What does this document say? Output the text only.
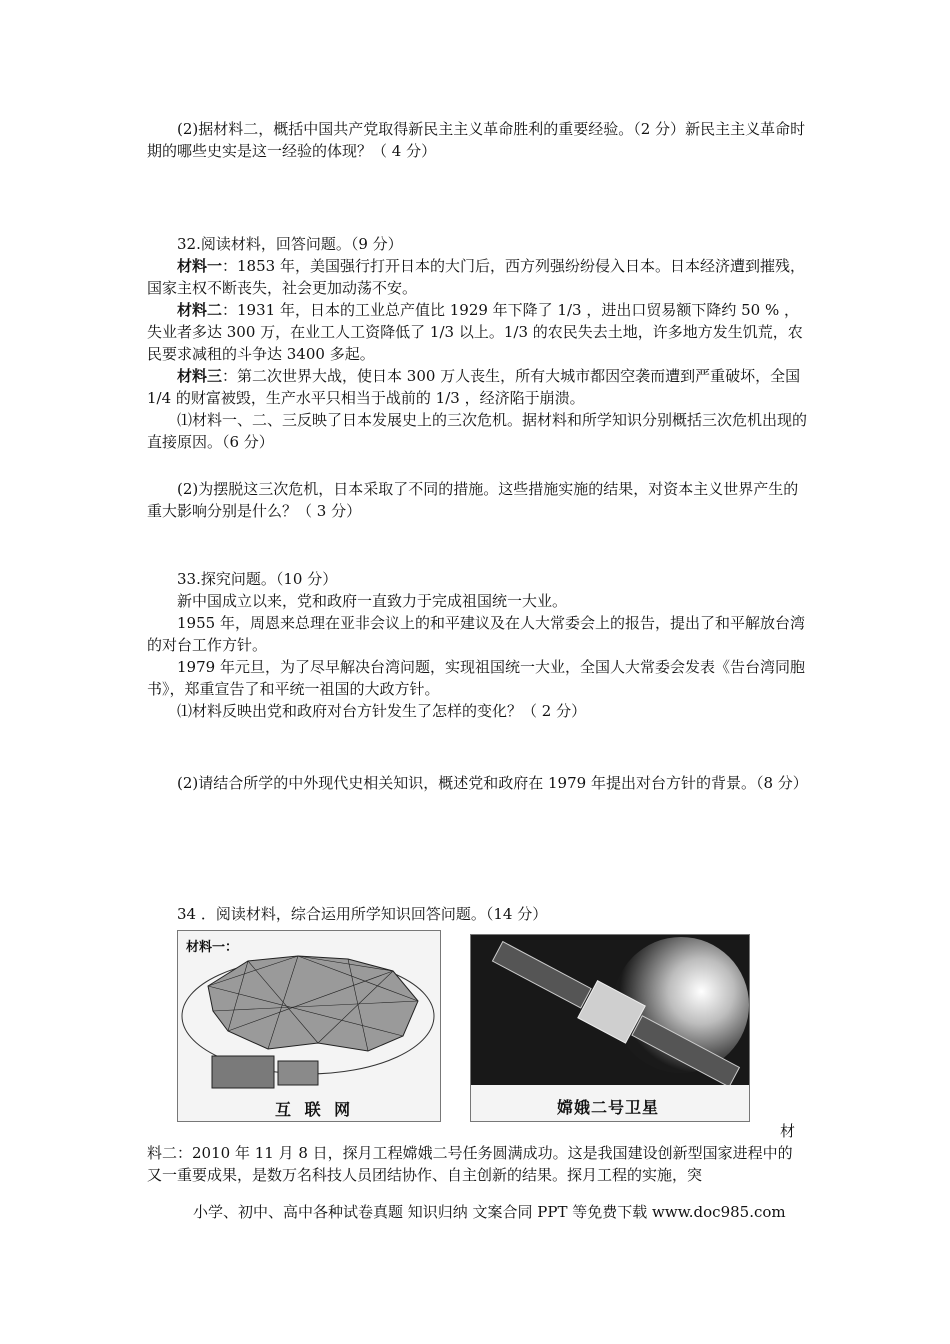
(2)据材料二，概括中国共产党取得新民主主义革命胜利的重要经验。（2 分）新民主主义革命时期的哪些史实是这一经验的体现？（ 4 分）

32.阅读材料，回答问题。（9 分）

材料一：1853 年，美国强行打开日本的大门后，西方列强纷纷侵入日本。日本经济遭到摧残，国家主权不断丧失，社会更加动荡不安。

材料二：1931 年，日本的工业总产值比 1929 年下降了 1/3 ，进出口贸易额下降约 50 % ，失业者多达 300 万，在业工人工资降低了 1/3 以上。1/3 的农民失去土地，许多地方发生饥荒，农民要求减租的斗争达 3400 多起。

材料三：第二次世界大战，使日本 300 万人丧生，所有大城市都因空袭而遭到严重破坏，全国 1/4 的财富被毁，生产水平只相当于战前的 1/3 ，经济陷于崩溃。

⑴材料一、二、三反映了日本发展史上的三次危机。据材料和所学知识分别概括三次危机出现的直接原因。（6 分）

(2)为摆脱这三次危机，日本采取了不同的措施。这些措施实施的结果，对资本主义世界产生的重大影响分别是什么？（ 3 分）

33.探究问题。（10 分）

新中国成立以来，党和政府一直致力于完成祖国统一大业。

1955 年，周恩来总理在亚非会议上的和平建议及在人大常委会上的报告，提出了和平解放台湾的对台工作方针。

1979 年元旦，为了尽早解决台湾问题，实现祖国统一大业，全国人大常委会发表《告台湾同胞书》，郑重宣告了和平统一祖国的大政方针。

⑴材料反映出党和政府对台方针发生了怎样的变化？（ 2 分）

(2)请结合所学的中外现代史相关知识，概述党和政府在 1979 年提出对台方针的背景。（8 分）

34 ．阅读材料，综合运用所学知识回答问题。（14 分）

材料一：
互 联 网	嫦娥二号卫星

材

料二：2010 年 11 月 8 日，探月工程嫦娥二号任务圆满成功。这是我国建设创新型国家进程中的又一重要成果，是数万名科技人员团结协作、自主创新的结果。探月工程的实施，突

小学、初中、高中各种试卷真题 知识归纳 文案合同 PPT 等免费下载 www.doc985.com
